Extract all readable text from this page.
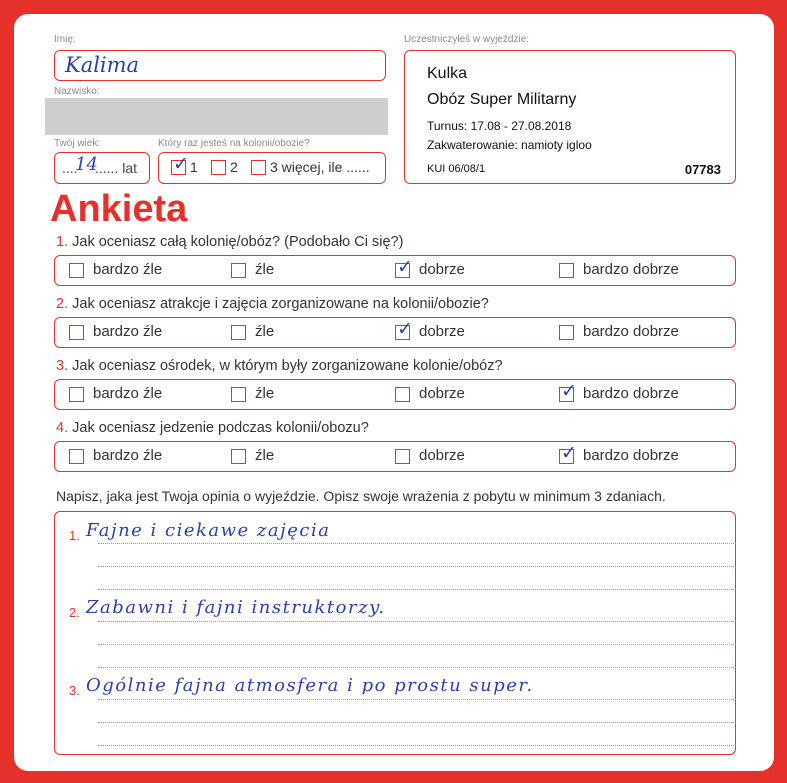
Imię:
Kalima
Nazwisko:
Twój wiek:
....
14
...... lat
Który raz jesteś na kolonii/obozie?
✓ 1 2 3 więcej, ile ......
Uczestniczyłeś w wyjeździe:
Kulka
Obóz Super Militarny
Turnus: 17.08 - 27.08.2018
Zakwaterowanie: namioty igloo
KUI 06/08/1	07783
Ankieta
1. Jak oceniasz całą kolonię/obóz? (Podobało Ci się?)
bardzo źle	źle	✓ dobrze	bardzo dobrze
2. Jak oceniasz atrakcje i zajęcia zorganizowane na kolonii/obozie?
bardzo źle	źle	✓ dobrze	bardzo dobrze
3. Jak oceniasz ośrodek, w którym były zorganizowane kolonie/obóz?
bardzo źle	źle	dobrze	✓ bardzo dobrze
4. Jak oceniasz jedzenie podczas kolonii/obozu?
bardzo źle	źle	dobrze	✓ bardzo dobrze
Napisz, jaka jest Twoja opinia o wyjeździe. Opisz swoje wrażenia z pobytu w minimum 3 zdaniach.
1. Fajne i ciekawe zajęcia
2. Zabawni i fajni instruktorzy.
3. Ogólnie fajna atmosfera i po prostu super.
